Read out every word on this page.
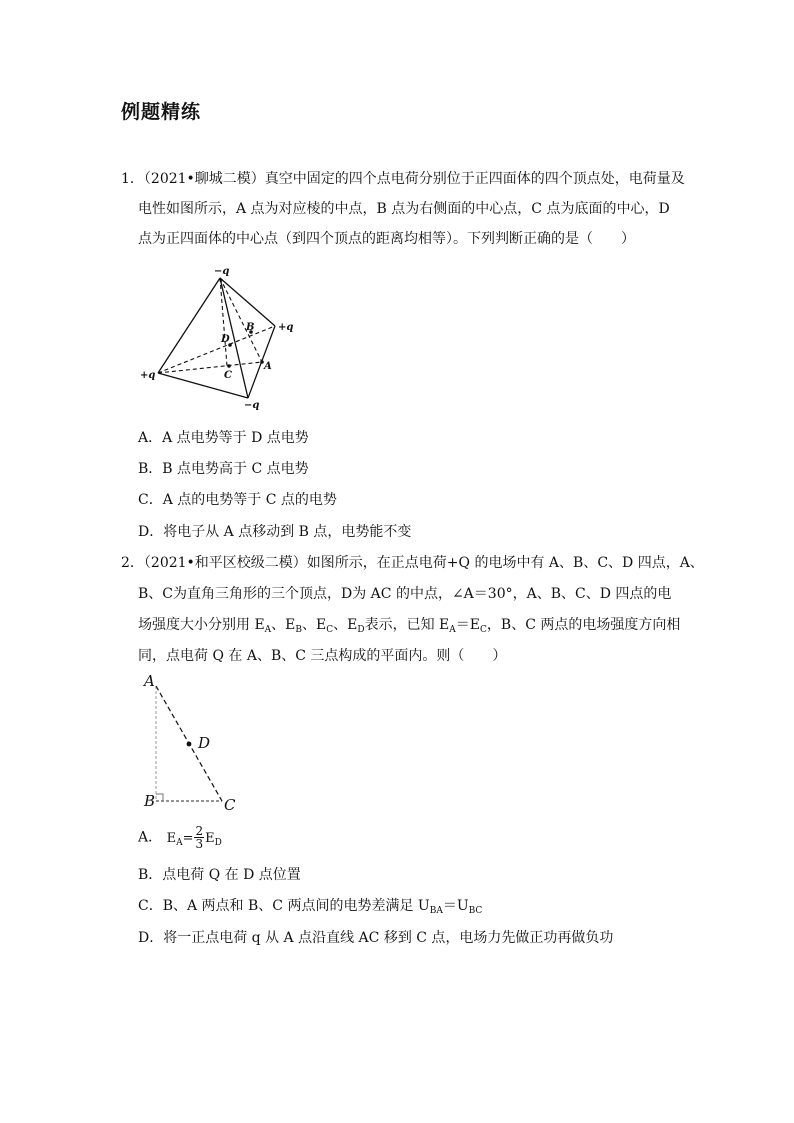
例题精练
1．（2021•聊城二模）真空中固定的四个点电荷分别位于正四面体的四个顶点处，电荷量及
电性如图所示，A 点为对应棱的中点，B 点为右侧面的中心点，C 点为底面的中心，D
点为正四面体的中心点（到四个顶点的距离均相等）。下列判断正确的是（　　）
−q
+q
+q
−q
A
B
C
D
A．A 点电势等于 D 点电势
B．B 点电势高于 C 点电势
C．A 点的电势等于 C 点的电势
D．将电子从 A 点移动到 B 点，电势能不变
2．（2021•和平区校级二模）如图所示，在正点电荷+Q 的电场中有 A、B、C、D 四点，A、
B、C为直角三角形的三个顶点，D为 AC 的中点，∠A＝30°，A、B、C、D 四点的电
场强度大小分别用 $E_A$、$E_B$、$E_C$、$E_D$表示，已知 $E_A=E_C$，B、C 两点的电场强度方向相
同，点电荷 Q 在 A、B、C 三点构成的平面内。则（　　）
A
B	C
D
A． $E_A= \frac{2}{3} E_D$
B．点电荷 Q 在 D 点位置
C．B、A 两点和 B、C 两点间的电势差满足 $U_{BA}=U_{BC}$
D．将一正点电荷 q 从 A 点沿直线 AC 移到 C 点，电场力先做正功再做负功
